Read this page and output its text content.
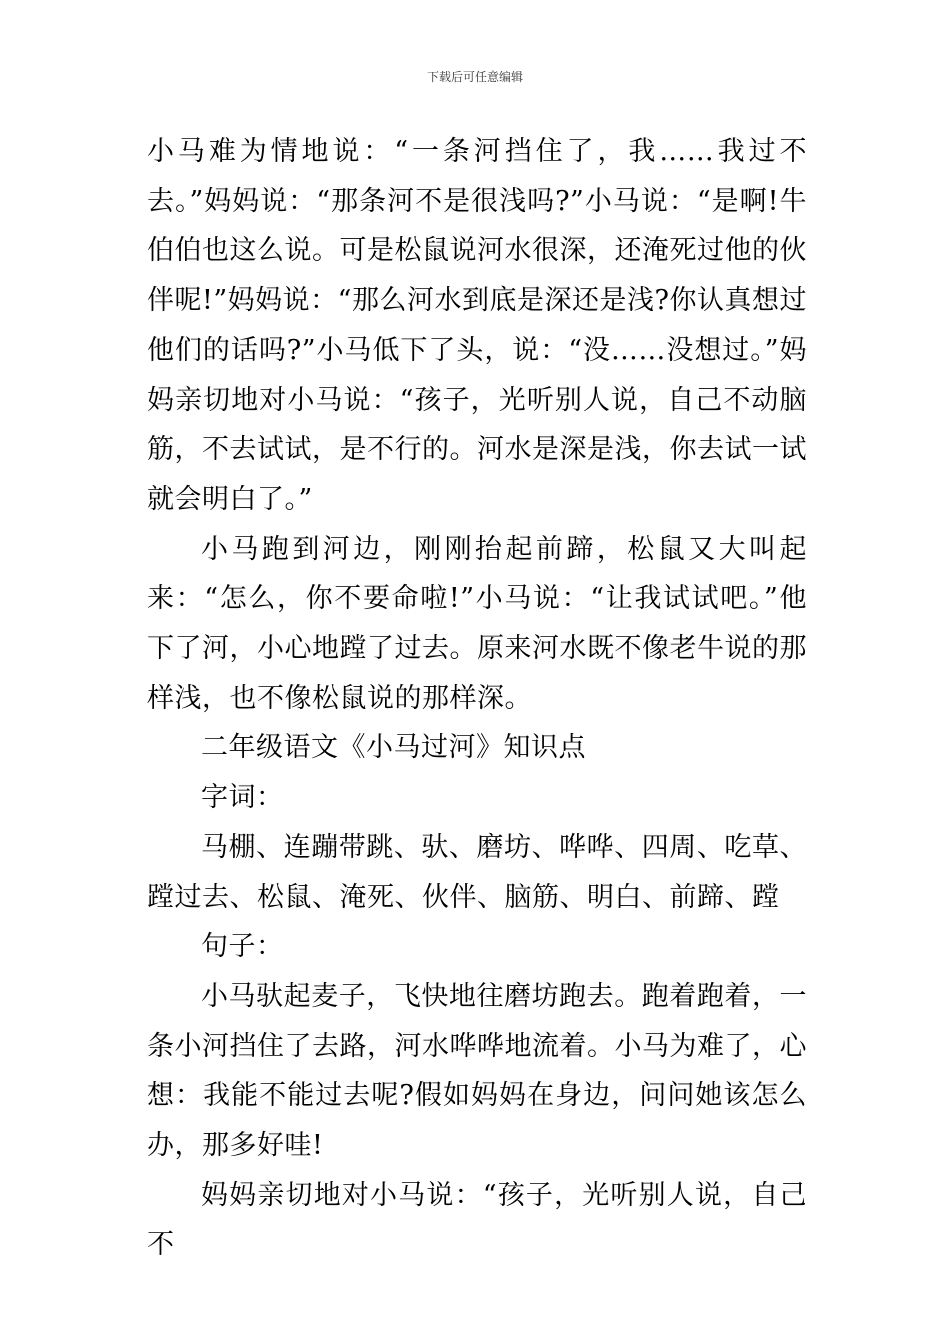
下载后可任意编辑

小马难为情地说：“一条河挡住了，我……我过不去。”妈妈说：“那条河不是很浅吗?”小马说：“是啊!牛伯伯也这么说。可是松鼠说河水很深，还淹死过他的伙伴呢!”妈妈说：“那么河水到底是深还是浅?你认真想过他们的话吗?”小马低下了头，说：“没……没想过。”妈妈亲切地对小马说：“孩子，光听别人说，自己不动脑筋，不去试试，是不行的。河水是深是浅，你去试一试就会明白了。”

小马跑到河边，刚刚抬起前蹄，松鼠又大叫起来：“怎么，你不要命啦!”小马说：“让我试试吧。”他下了河，小心地蹚了过去。原来河水既不像老牛说的那样浅，也不像松鼠说的那样深。

二年级语文《小马过河》知识点

字词：

马棚、连蹦带跳、驮、磨坊、哗哗、四周、吃草、蹚过去、松鼠、淹死、伙伴、脑筋、明白、前蹄、蹚

句子：

小马驮起麦子，飞快地往磨坊跑去。跑着跑着，一条小河挡住了去路，河水哗哗地流着。小马为难了，心想：我能不能过去呢?假如妈妈在身边，问问她该怎么办，那多好哇!

妈妈亲切地对小马说：“孩子，光听别人说，自己不
